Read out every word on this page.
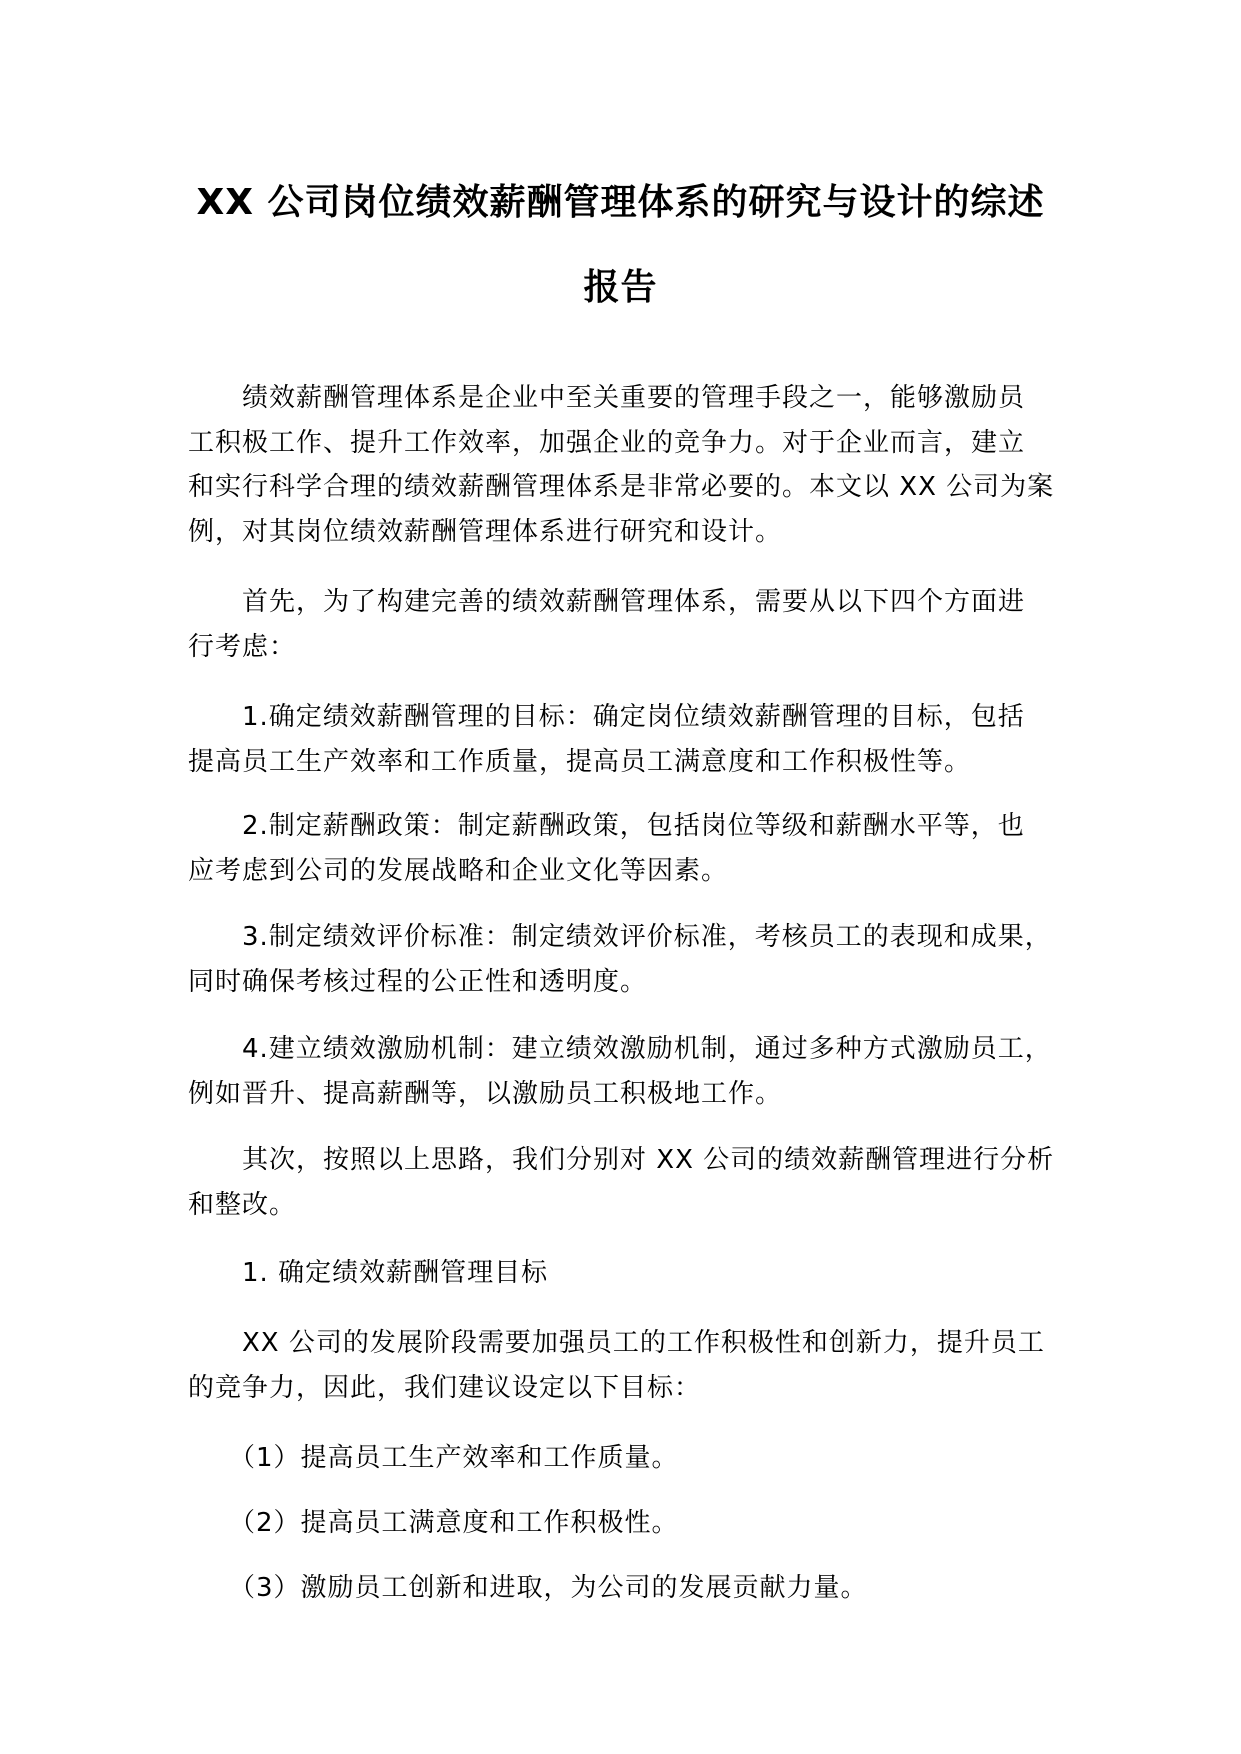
XX 公司岗位绩效薪酬管理体系的研究与设计的综述
报告
　　绩效薪酬管理体系是企业中至关重要的管理手段之一，能够激励员
工积极工作、提升工作效率，加强企业的竞争力。对于企业而言，建立
和实行科学合理的绩效薪酬管理体系是非常必要的。本文以 XX 公司为案
例，对其岗位绩效薪酬管理体系进行研究和设计。
　　首先，为了构建完善的绩效薪酬管理体系，需要从以下四个方面进
行考虑：
　　1.确定绩效薪酬管理的目标：确定岗位绩效薪酬管理的目标，包括
提高员工生产效率和工作质量，提高员工满意度和工作积极性等。
　　2.制定薪酬政策：制定薪酬政策，包括岗位等级和薪酬水平等，也
应考虑到公司的发展战略和企业文化等因素。
　　3.制定绩效评价标准：制定绩效评价标准，考核员工的表现和成果，
同时确保考核过程的公正性和透明度。
　　4.建立绩效激励机制：建立绩效激励机制，通过多种方式激励员工，
例如晋升、提高薪酬等，以激励员工积极地工作。
　　其次，按照以上思路，我们分别对 XX 公司的绩效薪酬管理进行分析
和整改。
　　1. 确定绩效薪酬管理目标
　　XX 公司的发展阶段需要加强员工的工作积极性和创新力，提升员工
的竞争力，因此，我们建议设定以下目标：
　　（1）提高员工生产效率和工作质量。
　　（2）提高员工满意度和工作积极性。
　　（3）激励员工创新和进取，为公司的发展贡献力量。
